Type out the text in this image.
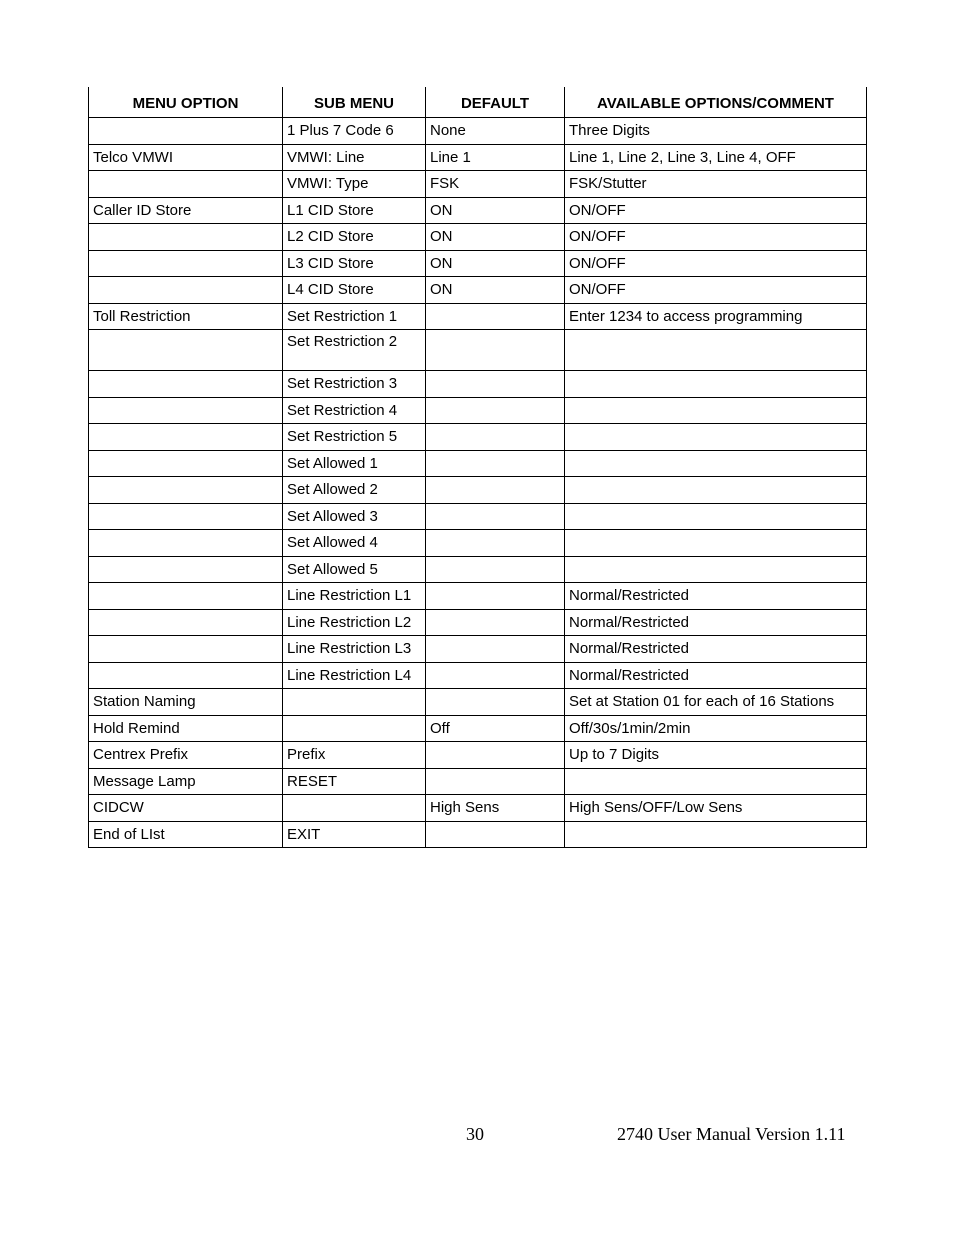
MENU OPTION	SUB MENU	DEFAULT	AVAILABLE OPTIONS/COMMENT
	1 Plus 7 Code 6	None	Three Digits
Telco VMWI	VMWI: Line	Line 1	Line 1, Line 2, Line 3, Line 4, OFF
	VMWI: Type	FSK	FSK/Stutter
Caller ID Store	L1 CID Store	ON	ON/OFF
	L2 CID Store	ON	ON/OFF
	L3 CID Store	ON	ON/OFF
	L4 CID Store	ON	ON/OFF
Toll Restriction	Set Restriction 1		Enter 1234 to access programming
	Set Restriction 2		
	Set Restriction 3		
	Set Restriction 4		
	Set Restriction 5		
	Set Allowed 1		
	Set Allowed 2		
	Set Allowed 3		
	Set Allowed 4		
	Set Allowed 5		
	Line Restriction L1		Normal/Restricted
	Line Restriction L2		Normal/Restricted
	Line Restriction L3		Normal/Restricted
	Line Restriction L4		Normal/Restricted
Station Naming			Set at Station 01 for each of 16 Stations
Hold Remind		Off	Off/30s/1min/2min
Centrex Prefix	Prefix		Up to 7 Digits
Message Lamp	RESET		
CIDCW		High Sens	High Sens/OFF/Low Sens
End of LIst	EXIT		
30	2740 User Manual Version 1.11
